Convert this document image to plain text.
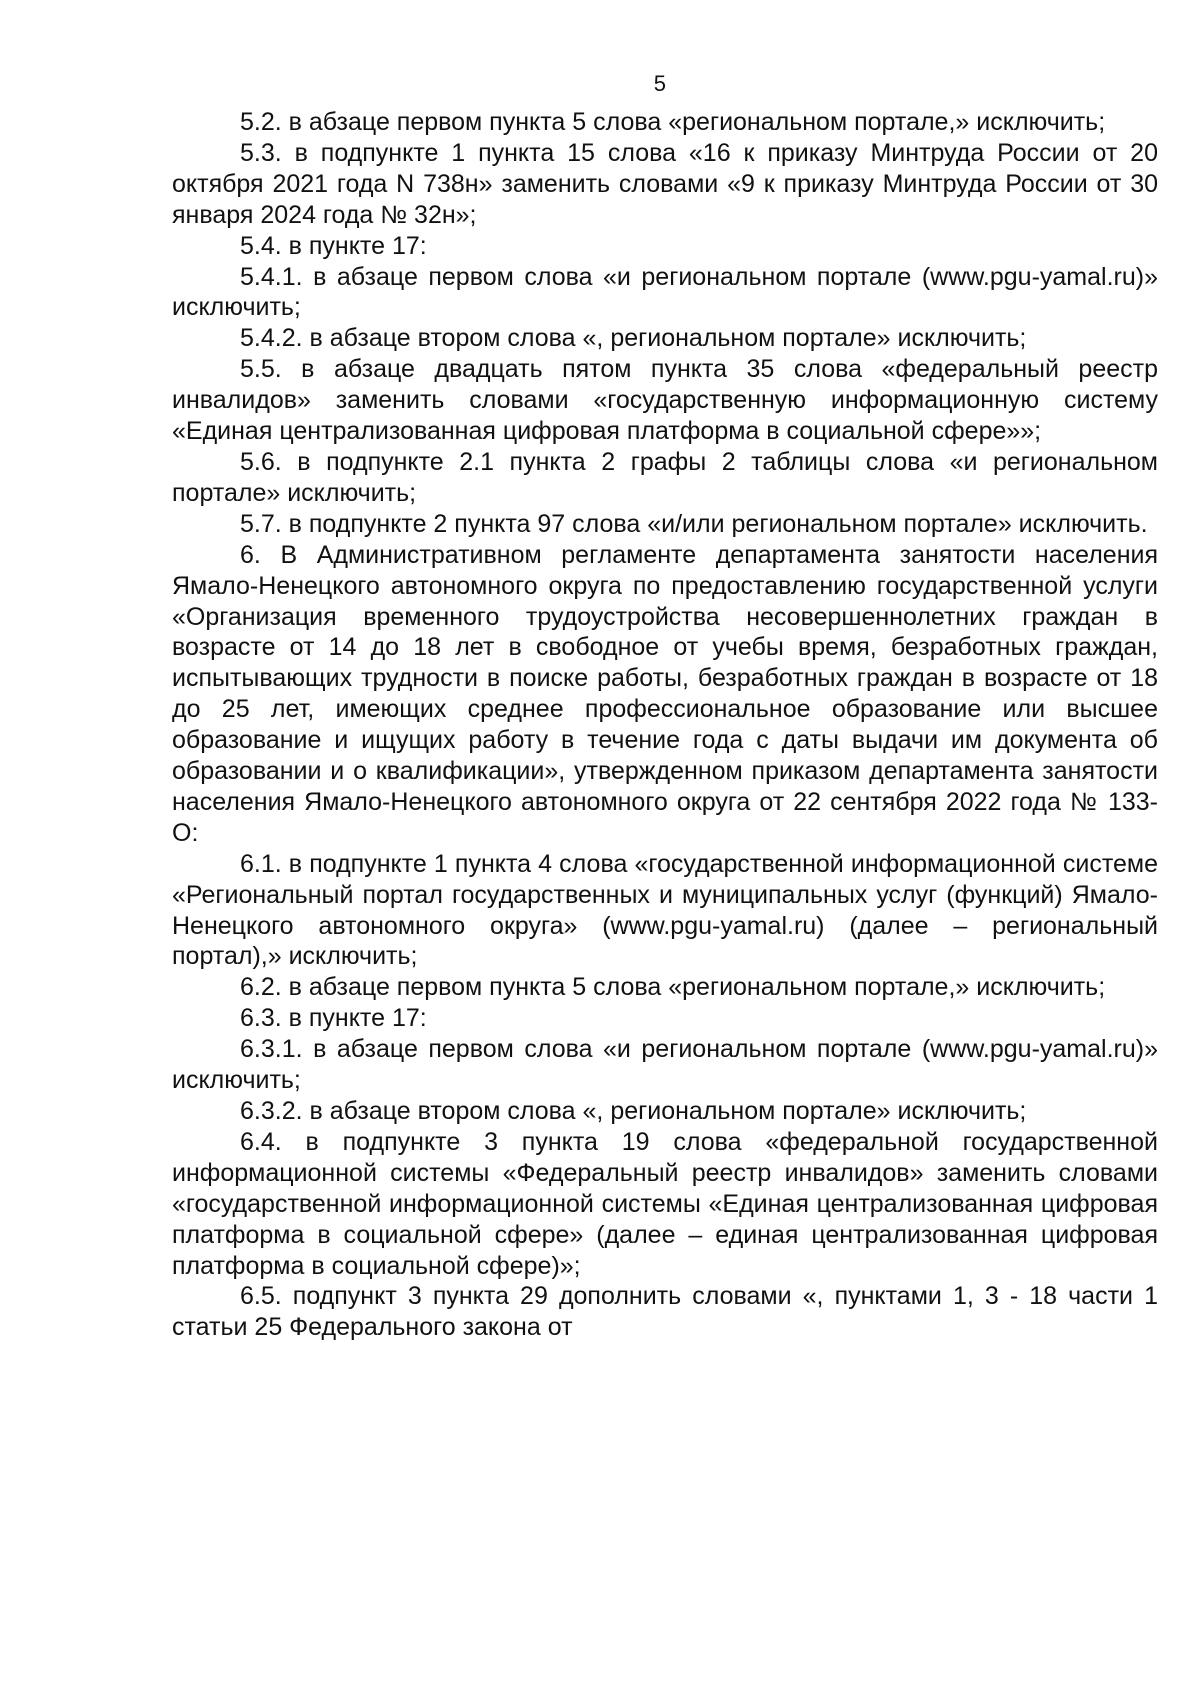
5

5.2. в абзаце первом пункта 5 слова «региональном портале,» исключить;

5.3. в подпункте 1 пункта 15 слова «16 к приказу Минтруда России от 20 октября 2021 года N 738н» заменить словами «9 к приказу Минтруда России от 30 января 2024 года № 32н»;

5.4. в пункте 17:

5.4.1. в абзаце первом слова «и региональном портале (www.pgu-yamal.ru)» исключить;

5.4.2. в абзаце втором слова «, региональном портале» исключить;

5.5. в абзаце двадцать пятом пункта 35 слова «федеральный реестр инвалидов» заменить словами «государственную информационную систему «Единая централизованная цифровая платформа в социальной сфере»»;

5.6. в подпункте 2.1 пункта 2 графы 2 таблицы слова «и региональном портале» исключить;

5.7. в подпункте 2 пункта 97 слова «и/или региональном портале» исключить.

6. В Административном регламенте департамента занятости населения Ямало-Ненецкого автономного округа по предоставлению государственной услуги «Организация временного трудоустройства несовершеннолетних граждан в возрасте от 14 до 18 лет в свободное от учебы время, безработных граждан, испытывающих трудности в поиске работы, безработных граждан в возрасте от 18 до 25 лет, имеющих среднее профессиональное образование или высшее образование и ищущих работу в течение года с даты выдачи им документа об образовании и о квалификации», утвержденном приказом департамента занятости населения Ямало-Ненецкого автономного округа от 22 сентября 2022 года № 133-О:

6.1. в подпункте 1 пункта 4 слова «государственной информационной системе «Региональный портал государственных и муниципальных услуг (функций) Ямало-Ненецкого автономного округа» (www.pgu-yamal.ru) (далее – региональный портал),» исключить;

6.2. в абзаце первом пункта 5 слова «региональном портале,» исключить;

6.3. в пункте 17:

6.3.1. в абзаце первом слова «и региональном портале (www.pgu-yamal.ru)» исключить;

6.3.2. в абзаце втором слова «, региональном портале» исключить;

6.4. в подпункте 3 пункта 19 слова «федеральной государственной информационной системы «Федеральный реестр инвалидов» заменить словами «государственной информационной системы «Единая централизованная цифровая платформа в социальной сфере» (далее – единая централизованная цифровая платформа в социальной сфере)»;

6.5. подпункт 3 пункта 29 дополнить словами «, пунктами 1, 3 - 18 части 1 статьи 25 Федерального закона от
